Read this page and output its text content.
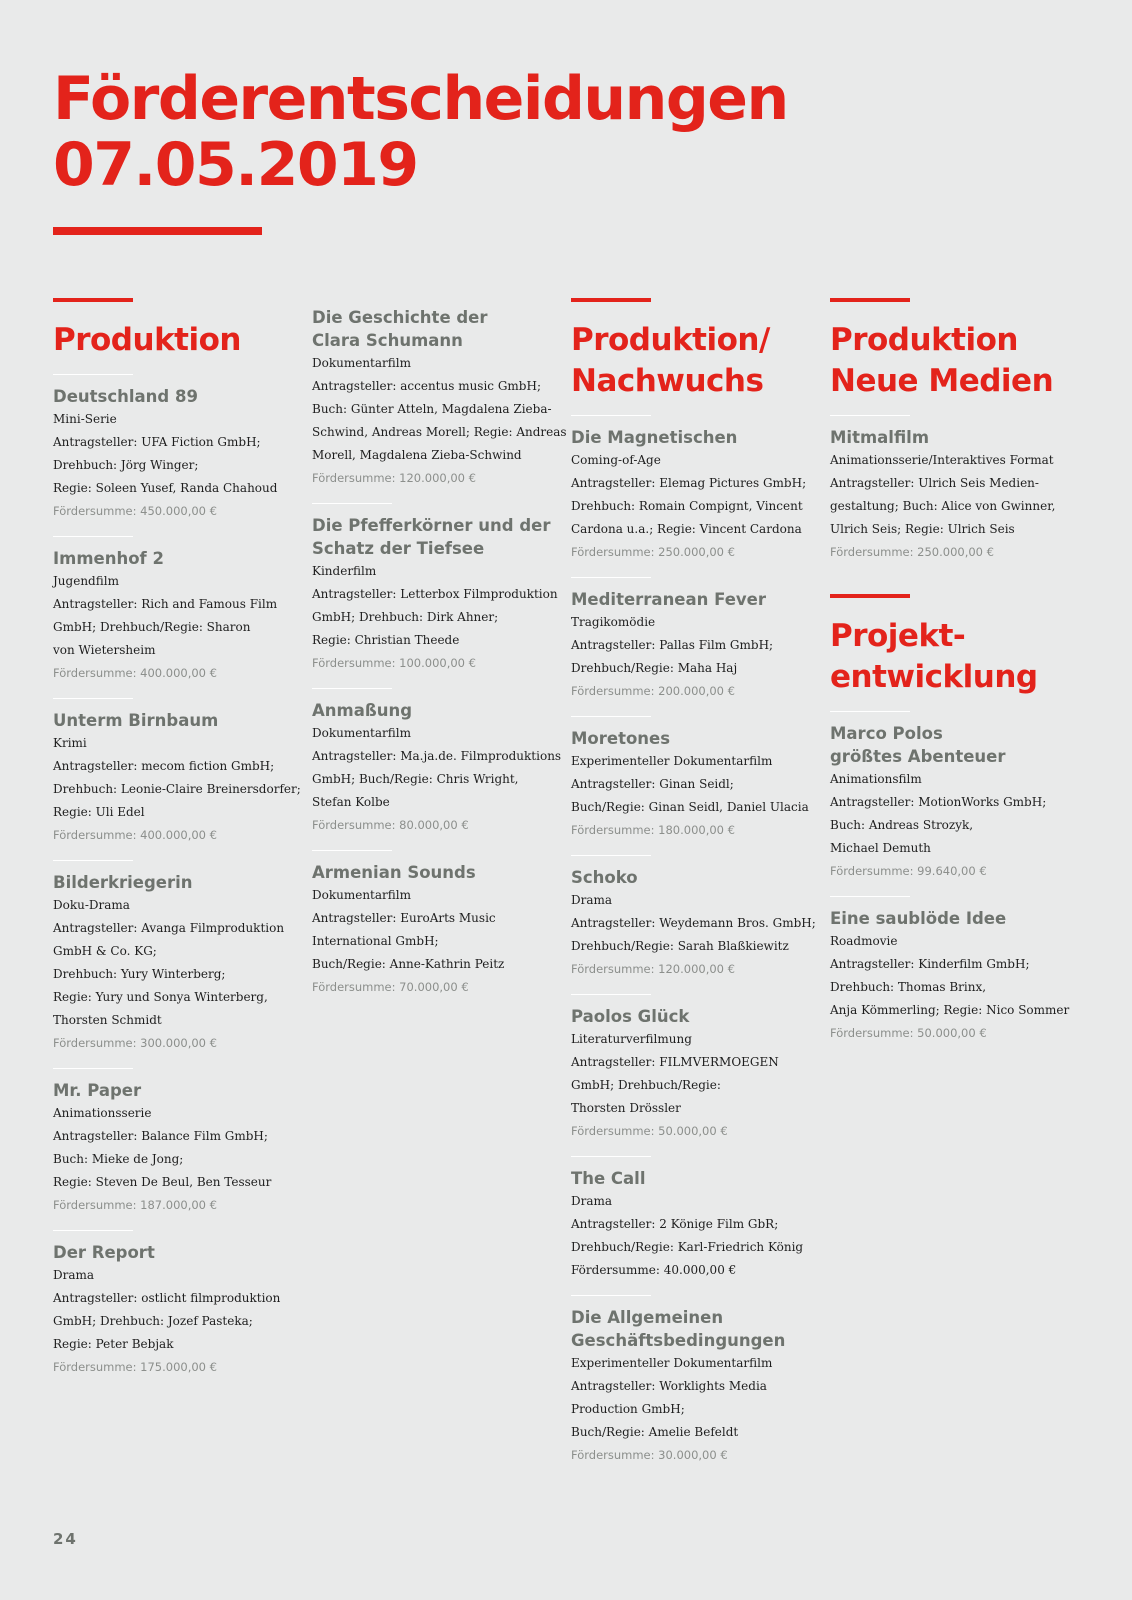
Förderentscheidungen
07.05.2019
Produktion
Deutschland 89
Mini-Serie
Antragsteller: UFA Fiction GmbH;
Drehbuch: Jörg Winger;
Regie: Soleen Yusef, Randa Chahoud
Fördersumme: 450.000,00 €
Immenhof 2
Jugendfilm
Antragsteller: Rich and Famous Film
GmbH; Drehbuch/Regie: Sharon
von Wietersheim
Fördersumme: 400.000,00 €
Unterm Birnbaum
Krimi
Antragsteller: mecom fiction GmbH;
Drehbuch: Leonie-Claire Breinersdorfer;
Regie: Uli Edel
Fördersumme: 400.000,00 €
Bilderkriegerin
Doku-Drama
Antragsteller: Avanga Filmproduktion
GmbH & Co. KG;
Drehbuch: Yury Winterberg;
Regie: Yury und Sonya Winterberg,
Thorsten Schmidt
Fördersumme: 300.000,00 €
Mr. Paper
Animationsserie
Antragsteller: Balance Film GmbH;
Buch: Mieke de Jong;
Regie: Steven De Beul, Ben Tesseur
Fördersumme: 187.000,00 €
Der Report
Drama
Antragsteller: ostlicht filmproduktion
GmbH; Drehbuch: Jozef Pasteka;
Regie: Peter Bebjak
Fördersumme: 175.000,00 €
Die Geschichte der
Clara Schumann
Dokumentarfilm
Antragsteller: accentus music GmbH;
Buch: Günter Atteln, Magdalena Zieba-
Schwind, Andreas Morell; Regie: Andreas
Morell, Magdalena Zieba-Schwind
Fördersumme: 120.000,00 €
Die Pfefferkörner und der
Schatz der Tiefsee
Kinderfilm
Antragsteller: Letterbox Filmproduktion
GmbH; Drehbuch: Dirk Ahner;
Regie: Christian Theede
Fördersumme: 100.000,00 €
Anmaßung
Dokumentarfilm
Antragsteller: Ma.ja.de. Filmproduktions
GmbH; Buch/Regie: Chris Wright,
Stefan Kolbe
Fördersumme: 80.000,00 €
Armenian Sounds
Dokumentarfilm
Antragsteller: EuroArts Music
International GmbH;
Buch/Regie: Anne-Kathrin Peitz
Fördersumme: 70.000,00 €
Produktion/
Nachwuchs
Die Magnetischen
Coming-of-Age
Antragsteller: Elemag Pictures GmbH;
Drehbuch: Romain Compignt, Vincent
Cardona u.a.; Regie: Vincent Cardona
Fördersumme: 250.000,00 €
Mediterranean Fever
Tragikomödie
Antragsteller: Pallas Film GmbH;
Drehbuch/Regie: Maha Haj
Fördersumme: 200.000,00 €
Moretones
Experimenteller Dokumentarfilm
Antragsteller: Ginan Seidl;
Buch/Regie: Ginan Seidl, Daniel Ulacia
Fördersumme: 180.000,00 €
Schoko
Drama
Antragsteller: Weydemann Bros. GmbH;
Drehbuch/Regie: Sarah Blaßkiewitz
Fördersumme: 120.000,00 €
Paolos Glück
Literaturverfilmung
Antragsteller: FILMVERMOEGEN
GmbH; Drehbuch/Regie:
Thorsten Drössler
Fördersumme: 50.000,00 €
The Call
Drama
Antragsteller: 2 Könige Film GbR;
Drehbuch/Regie: Karl-Friedrich König
Fördersumme: 40.000,00 €
Die Allgemeinen
Geschäftsbedingungen
Experimenteller Dokumentarfilm
Antragsteller: Worklights Media
Production GmbH;
Buch/Regie: Amelie Befeldt
Fördersumme: 30.000,00 €
Produktion
Neue Medien
Mitmalfilm
Animationsserie/Interaktives Format
Antragsteller: Ulrich Seis Medien-
gestaltung; Buch: Alice von Gwinner,
Ulrich Seis; Regie: Ulrich Seis
Fördersumme: 250.000,00 €
Projekt-
entwicklung
Marco Polos
größtes Abenteuer
Animationsfilm
Antragsteller: MotionWorks GmbH;
Buch: Andreas Strozyk,
Michael Demuth
Fördersumme: 99.640,00 €
Eine saublöde Idee
Roadmovie
Antragsteller: Kinderfilm GmbH;
Drehbuch: Thomas Brinx,
Anja Kömmerling; Regie: Nico Sommer
Fördersumme: 50.000,00 €
24
